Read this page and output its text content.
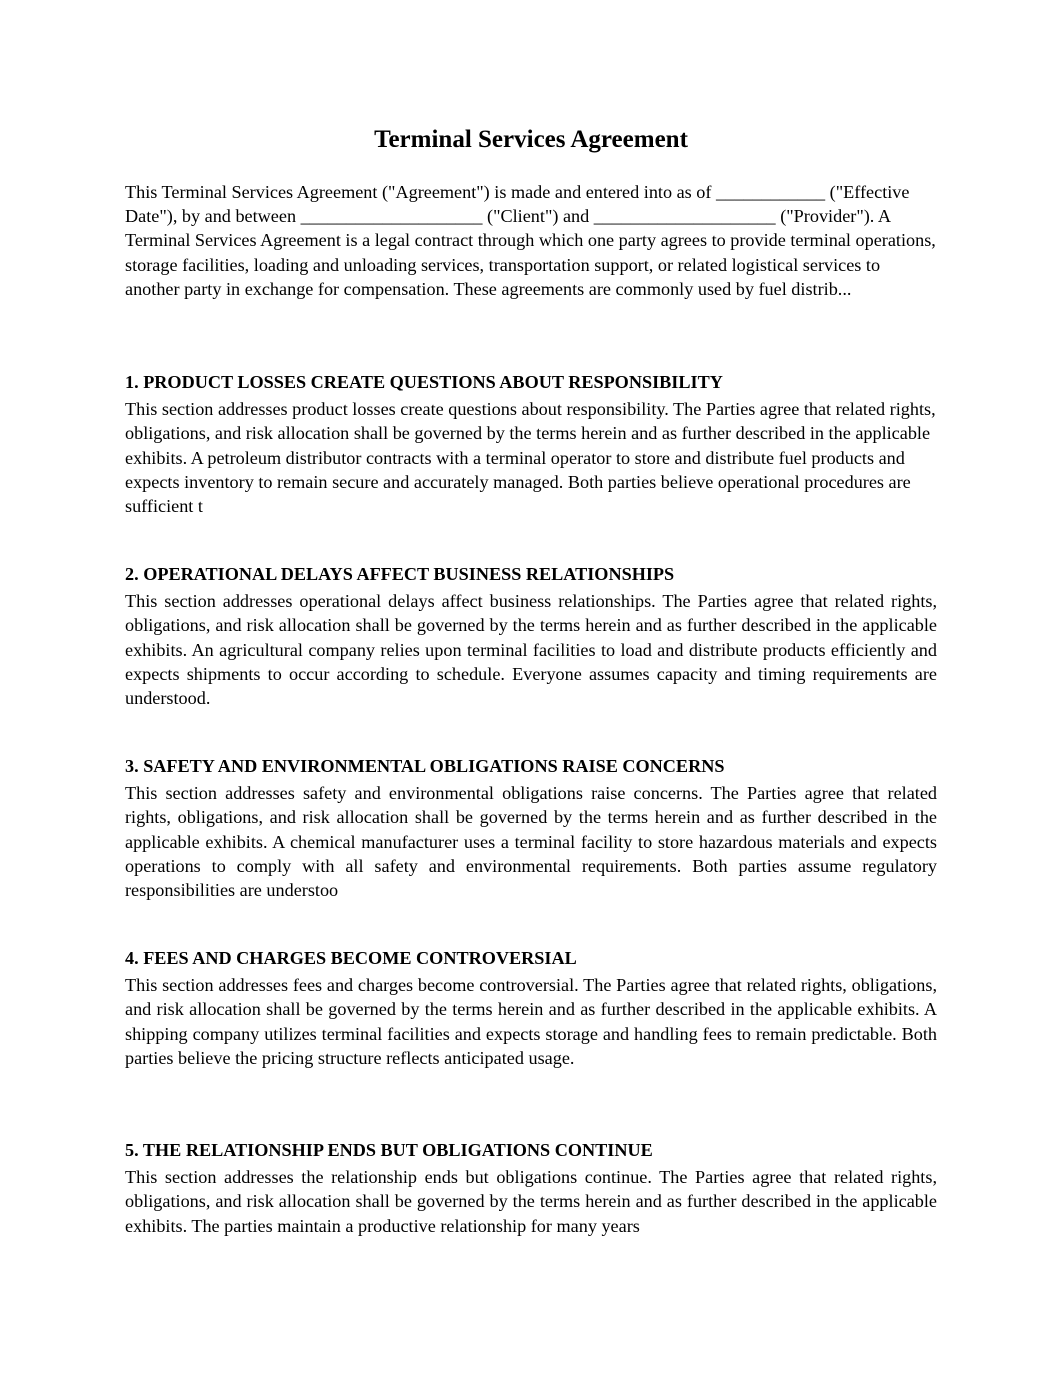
Terminal Services Agreement

This Terminal Services Agreement ("Agreement") is made and entered into as of ____________ ("Effective Date"), by and between ____________________ ("Client") and ____________________ ("Provider"). A Terminal Services Agreement is a legal contract through which one party agrees to provide terminal operations, storage facilities, loading and unloading services, transportation support, or related logistical services to another party in exchange for compensation. These agreements are commonly used by fuel distrib...

1. PRODUCT LOSSES CREATE QUESTIONS ABOUT RESPONSIBILITY

This section addresses product losses create questions about responsibility. The Parties agree that related rights, obligations, and risk allocation shall be governed by the terms herein and as further described in the applicable exhibits. A petroleum distributor contracts with a terminal operator to store and distribute fuel products and expects inventory to remain secure and accurately managed. Both parties believe operational procedures are sufficient t

2. OPERATIONAL DELAYS AFFECT BUSINESS RELATIONSHIPS

This section addresses operational delays affect business relationships. The Parties agree that related rights, obligations, and risk allocation shall be governed by the terms herein and as further described in the applicable exhibits. An agricultural company relies upon terminal facilities to load and distribute products efficiently and expects shipments to occur according to schedule. Everyone assumes capacity and timing requirements are understood.

3. SAFETY AND ENVIRONMENTAL OBLIGATIONS RAISE CONCERNS

This section addresses safety and environmental obligations raise concerns. The Parties agree that related rights, obligations, and risk allocation shall be governed by the terms herein and as further described in the applicable exhibits. A chemical manufacturer uses a terminal facility to store hazardous materials and expects operations to comply with all safety and environmental requirements. Both parties assume regulatory responsibilities are understoo

4. FEES AND CHARGES BECOME CONTROVERSIAL

This section addresses fees and charges become controversial. The Parties agree that related rights, obligations, and risk allocation shall be governed by the terms herein and as further described in the applicable exhibits. A shipping company utilizes terminal facilities and expects storage and handling fees to remain predictable. Both parties believe the pricing structure reflects anticipated usage.

5. THE RELATIONSHIP ENDS BUT OBLIGATIONS CONTINUE

This section addresses the relationship ends but obligations continue. The Parties agree that related rights, obligations, and risk allocation shall be governed by the terms herein and as further described in the applicable exhibits. The parties maintain a productive relationship for many years
